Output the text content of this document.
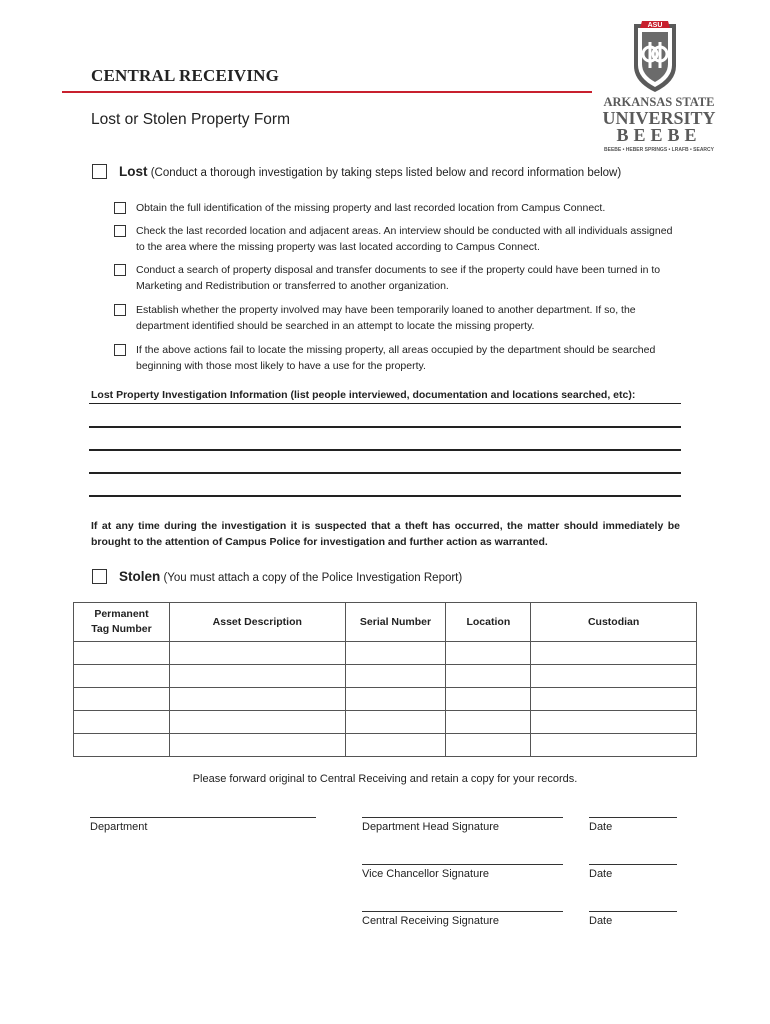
CENTRAL RECEIVING
Lost or Stolen Property Form
ASU
ARKANSAS STATE
UNIVERSITY
BEEBE
BEEBE • HEBER SPRINGS • LRAFB • SEARCY
Lost (Conduct a thorough investigation by taking steps listed below and record information below)
Obtain the full identification of the missing property and last recorded location from Campus Connect.
Check the last recorded location and adjacent areas. An interview should be conducted with all individuals assigned to the area where the missing property was last located according to Campus Connect.
Conduct a search of property disposal and transfer documents to see if the property could have been turned in to Marketing and Redistribution or transferred to another organization.
Establish whether the property involved may have been temporarily loaned to another department. If so, the department identified should be searched in an attempt to locate the missing property.
If the above actions fail to locate the missing property, all areas occupied by the department should be searched beginning with those most likely to have a use for the property.
Lost Property Investigation Information (list people interviewed, documentation and locations searched, etc):
If at any time during the investigation it is suspected that a theft has occurred, the matter should immediately be brought to the attention of Campus Police for investigation and further action as warranted.
Stolen (You must attach a copy of the Police Investigation Report)
Permanent Tag Number	Asset Description	Serial Number	Location	Custodian

Please forward original to Central Receiving and retain a copy for your records.
Department	Department Head Signature	Date
Vice Chancellor Signature	Date
Central Receiving Signature	Date
